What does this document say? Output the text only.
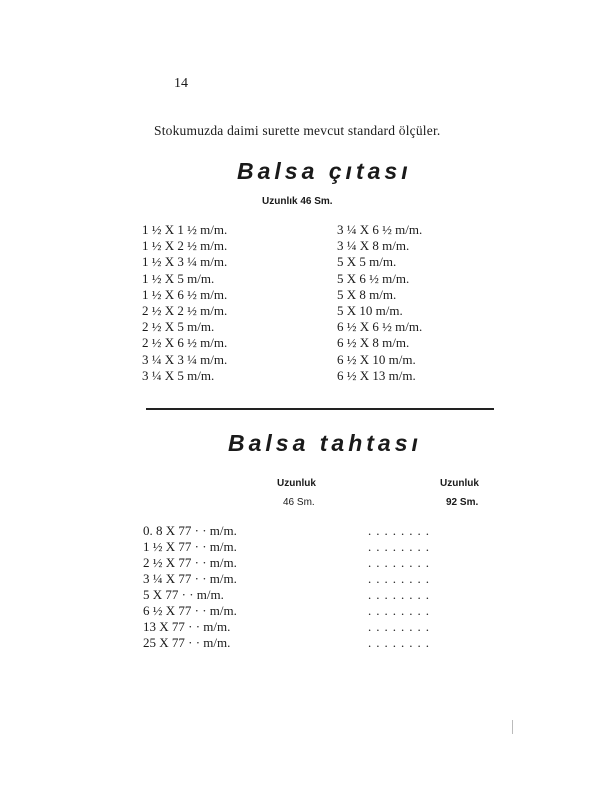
14
Stokumuzda daimi surette mevcut standard ölçüler.
Balsa çıtası
Uzunlık 46 Sm.
1 ½ X 1 ½ m/m.
1 ½ X 2 ½ m/m.
1 ½ X 3 ¼ m/m.
1 ½ X 5 m/m.
1 ½ X 6 ½ m/m.
2 ½ X 2 ½ m/m.
2 ½ X 5 m/m.
2 ½ X 6 ½ m/m.
3 ¼ X 3 ¼ m/m.
3 ¼ X 5 m/m.
3 ¼ X 6 ½ m/m.
3 ¼ X 8 m/m.
5 X 5 m/m.
5 X 6 ½ m/m.
5 X 8 m/m.
5 X 10 m/m.
6 ½ X 6 ½ m/m.
6 ½ X 8 m/m.
6 ½ X 10 m/m.
6 ½ X 13 m/m.
Balsa tahtası
Uzunluk
46 Sm.
Uzunluk
92 Sm.
0. 8 X 77 · · m/m.
1 ½ X 77 · · m/m.
2 ½ X 77 · · m/m.
3 ¼ X 77 · · m/m.
5 X 77 · · m/m.
6 ½ X 77 · · m/m.
13 X 77 · · m/m.
25 X 77 · · m/m.
........
........
........
........
........
........
........
........
